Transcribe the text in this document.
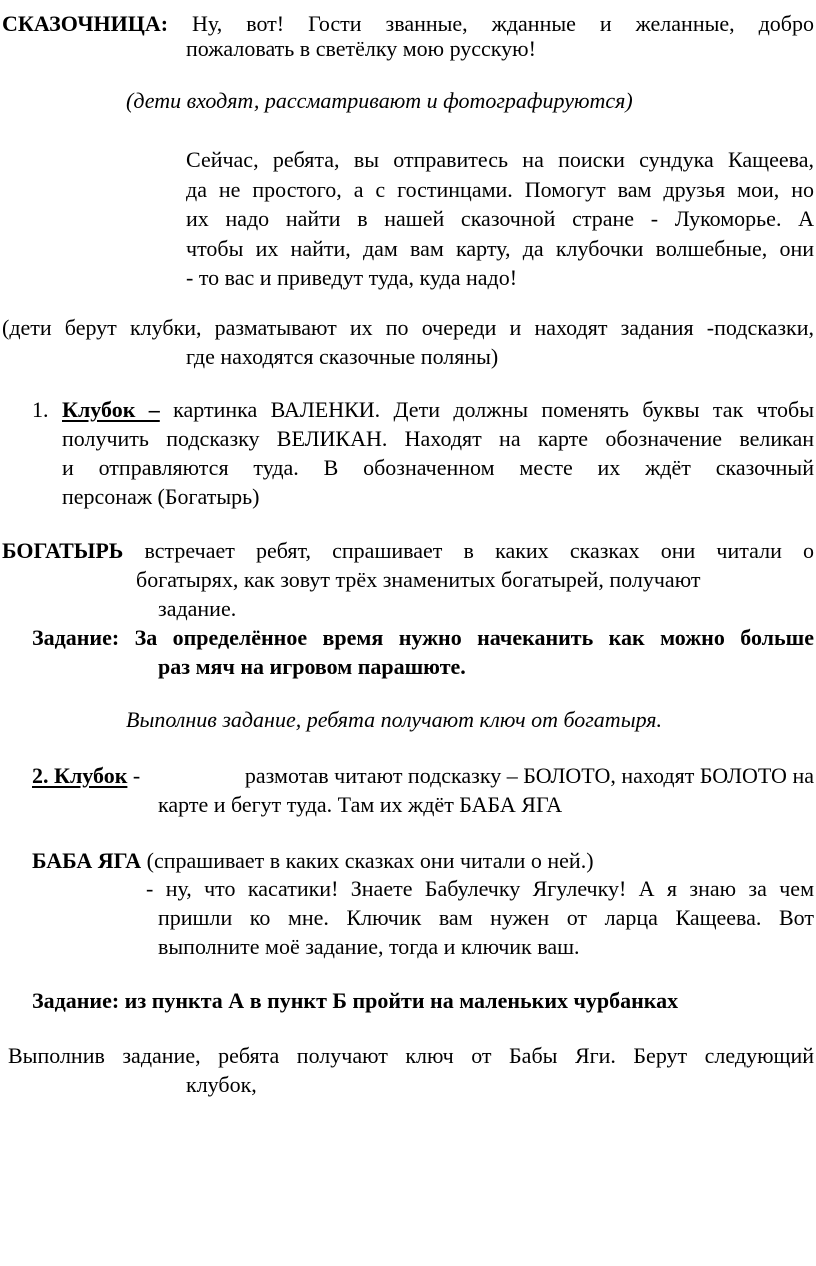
СКАЗОЧНИЦА: Ну, вот! Гости званные, жданные и желанные, добро
пожаловать в светёлку мою русскую!
(дети входят, рассматривают и фотографируются)
Сейчас, ребята, вы отправитесь на поиски сундука Кащеева,
да не простого, а с гостинцами. Помогут вам друзья мои, но
их надо найти в нашей сказочной стране - Лукоморье. А
чтобы их найти, дам вам карту, да клубочки волшебные, они
- то вас и приведут туда, куда надо!
(дети берут клубки, разматывают их по очереди и находят задания -подсказки,
где находятся сказочные поляны)
1. Клубок – картинка ВАЛЕНКИ. Дети должны поменять буквы так чтобы
получить подсказку ВЕЛИКАН. Находят на карте обозначение великан
и отправляются туда. В обозначенном месте их ждёт сказочный
персонаж (Богатырь)
БОГАТЫРЬ встречает ребят, спрашивает в каких сказках они читали о
богатырях, как зовут трёх знаменитых богатырей, получают
задание.
Задание: За определённое время нужно начеканить как можно больше
раз мяч на игровом парашюте.
Выполнив задание, ребята получают ключ от богатыря.
2. Клубок -	размотав читают подсказку – БОЛОТО, находят БОЛОТО на
карте и бегут туда. Там их ждёт БАБА ЯГА
БАБА ЯГА (спрашивает в каких сказках они читали о ней.)
- ну, что касатики! Знаете Бабулечку Ягулечку! А я знаю за чем
пришли ко мне. Ключик вам нужен от ларца Кащеева. Вот
выполните моё задание, тогда и ключик ваш.
Задание: из пункта А в пункт Б пройти на маленьких чурбанках
Выполнив задание, ребята получают ключ от Бабы Яги. Берут следующий
клубок,
